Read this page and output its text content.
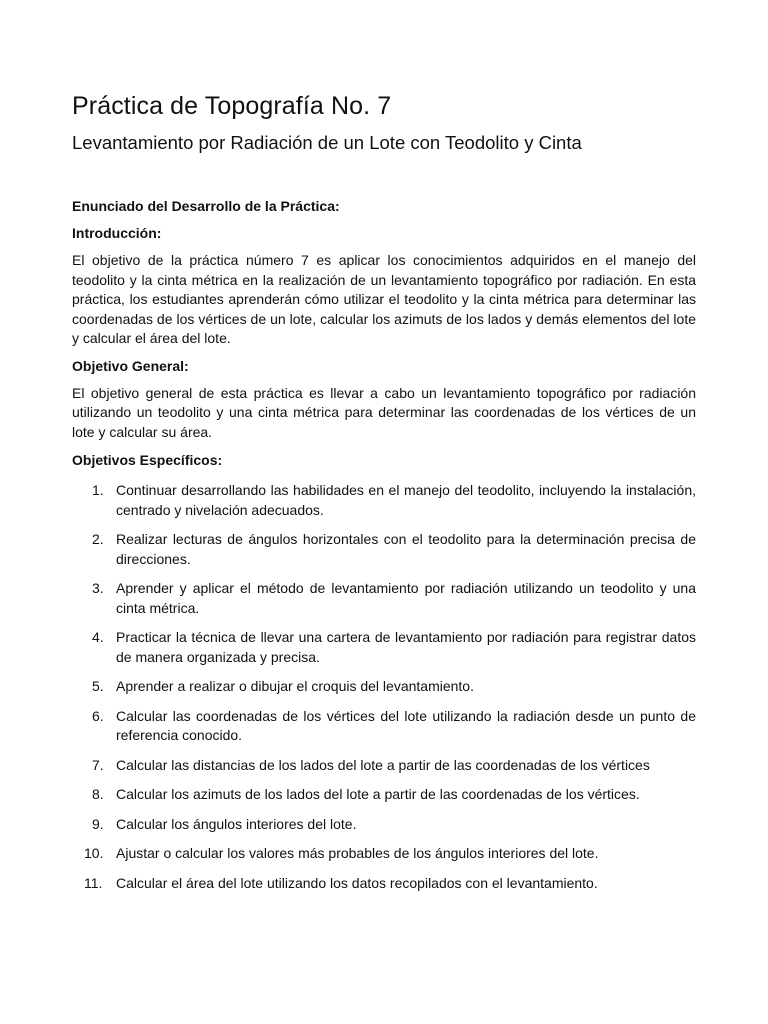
Práctica de Topografía No. 7
Levantamiento por Radiación de un Lote con Teodolito y Cinta
Enunciado del Desarrollo de la Práctica:
Introducción:

El objetivo de la práctica número 7 es aplicar los conocimientos adquiridos en el manejo del teodolito y la cinta métrica en la realización de un levantamiento topográfico por radiación. En esta práctica, los estudiantes aprenderán cómo utilizar el teodolito y la cinta métrica para determinar las coordenadas de los vértices de un lote, calcular los azimuts de los lados y demás elementos del lote y calcular el área del lote.

Objetivo General:

El objetivo general de esta práctica es llevar a cabo un levantamiento topográfico por radiación utilizando un teodolito y una cinta métrica para determinar las coordenadas de los vértices de un lote y calcular su área.

Objetivos Específicos:
1. Continuar desarrollando las habilidades en el manejo del teodolito, incluyendo la instalación, centrado y nivelación adecuados.
2. Realizar lecturas de ángulos horizontales con el teodolito para la determinación precisa de direcciones.
3. Aprender y aplicar el método de levantamiento por radiación utilizando un teodolito y una cinta métrica.
4. Practicar la técnica de llevar una cartera de levantamiento por radiación para registrar datos de manera organizada y precisa.
5. Aprender a realizar o dibujar el croquis del levantamiento.
6. Calcular las coordenadas de los vértices del lote utilizando la radiación desde un punto de referencia conocido.
7. Calcular las distancias de los lados del lote a partir de las coordenadas de los vértices
8. Calcular los azimuts de los lados del lote a partir de las coordenadas de los vértices.
9. Calcular los ángulos interiores del lote.
10. Ajustar o calcular los valores más probables de los ángulos interiores del lote.
11. Calcular el área del lote utilizando los datos recopilados con el levantamiento.
